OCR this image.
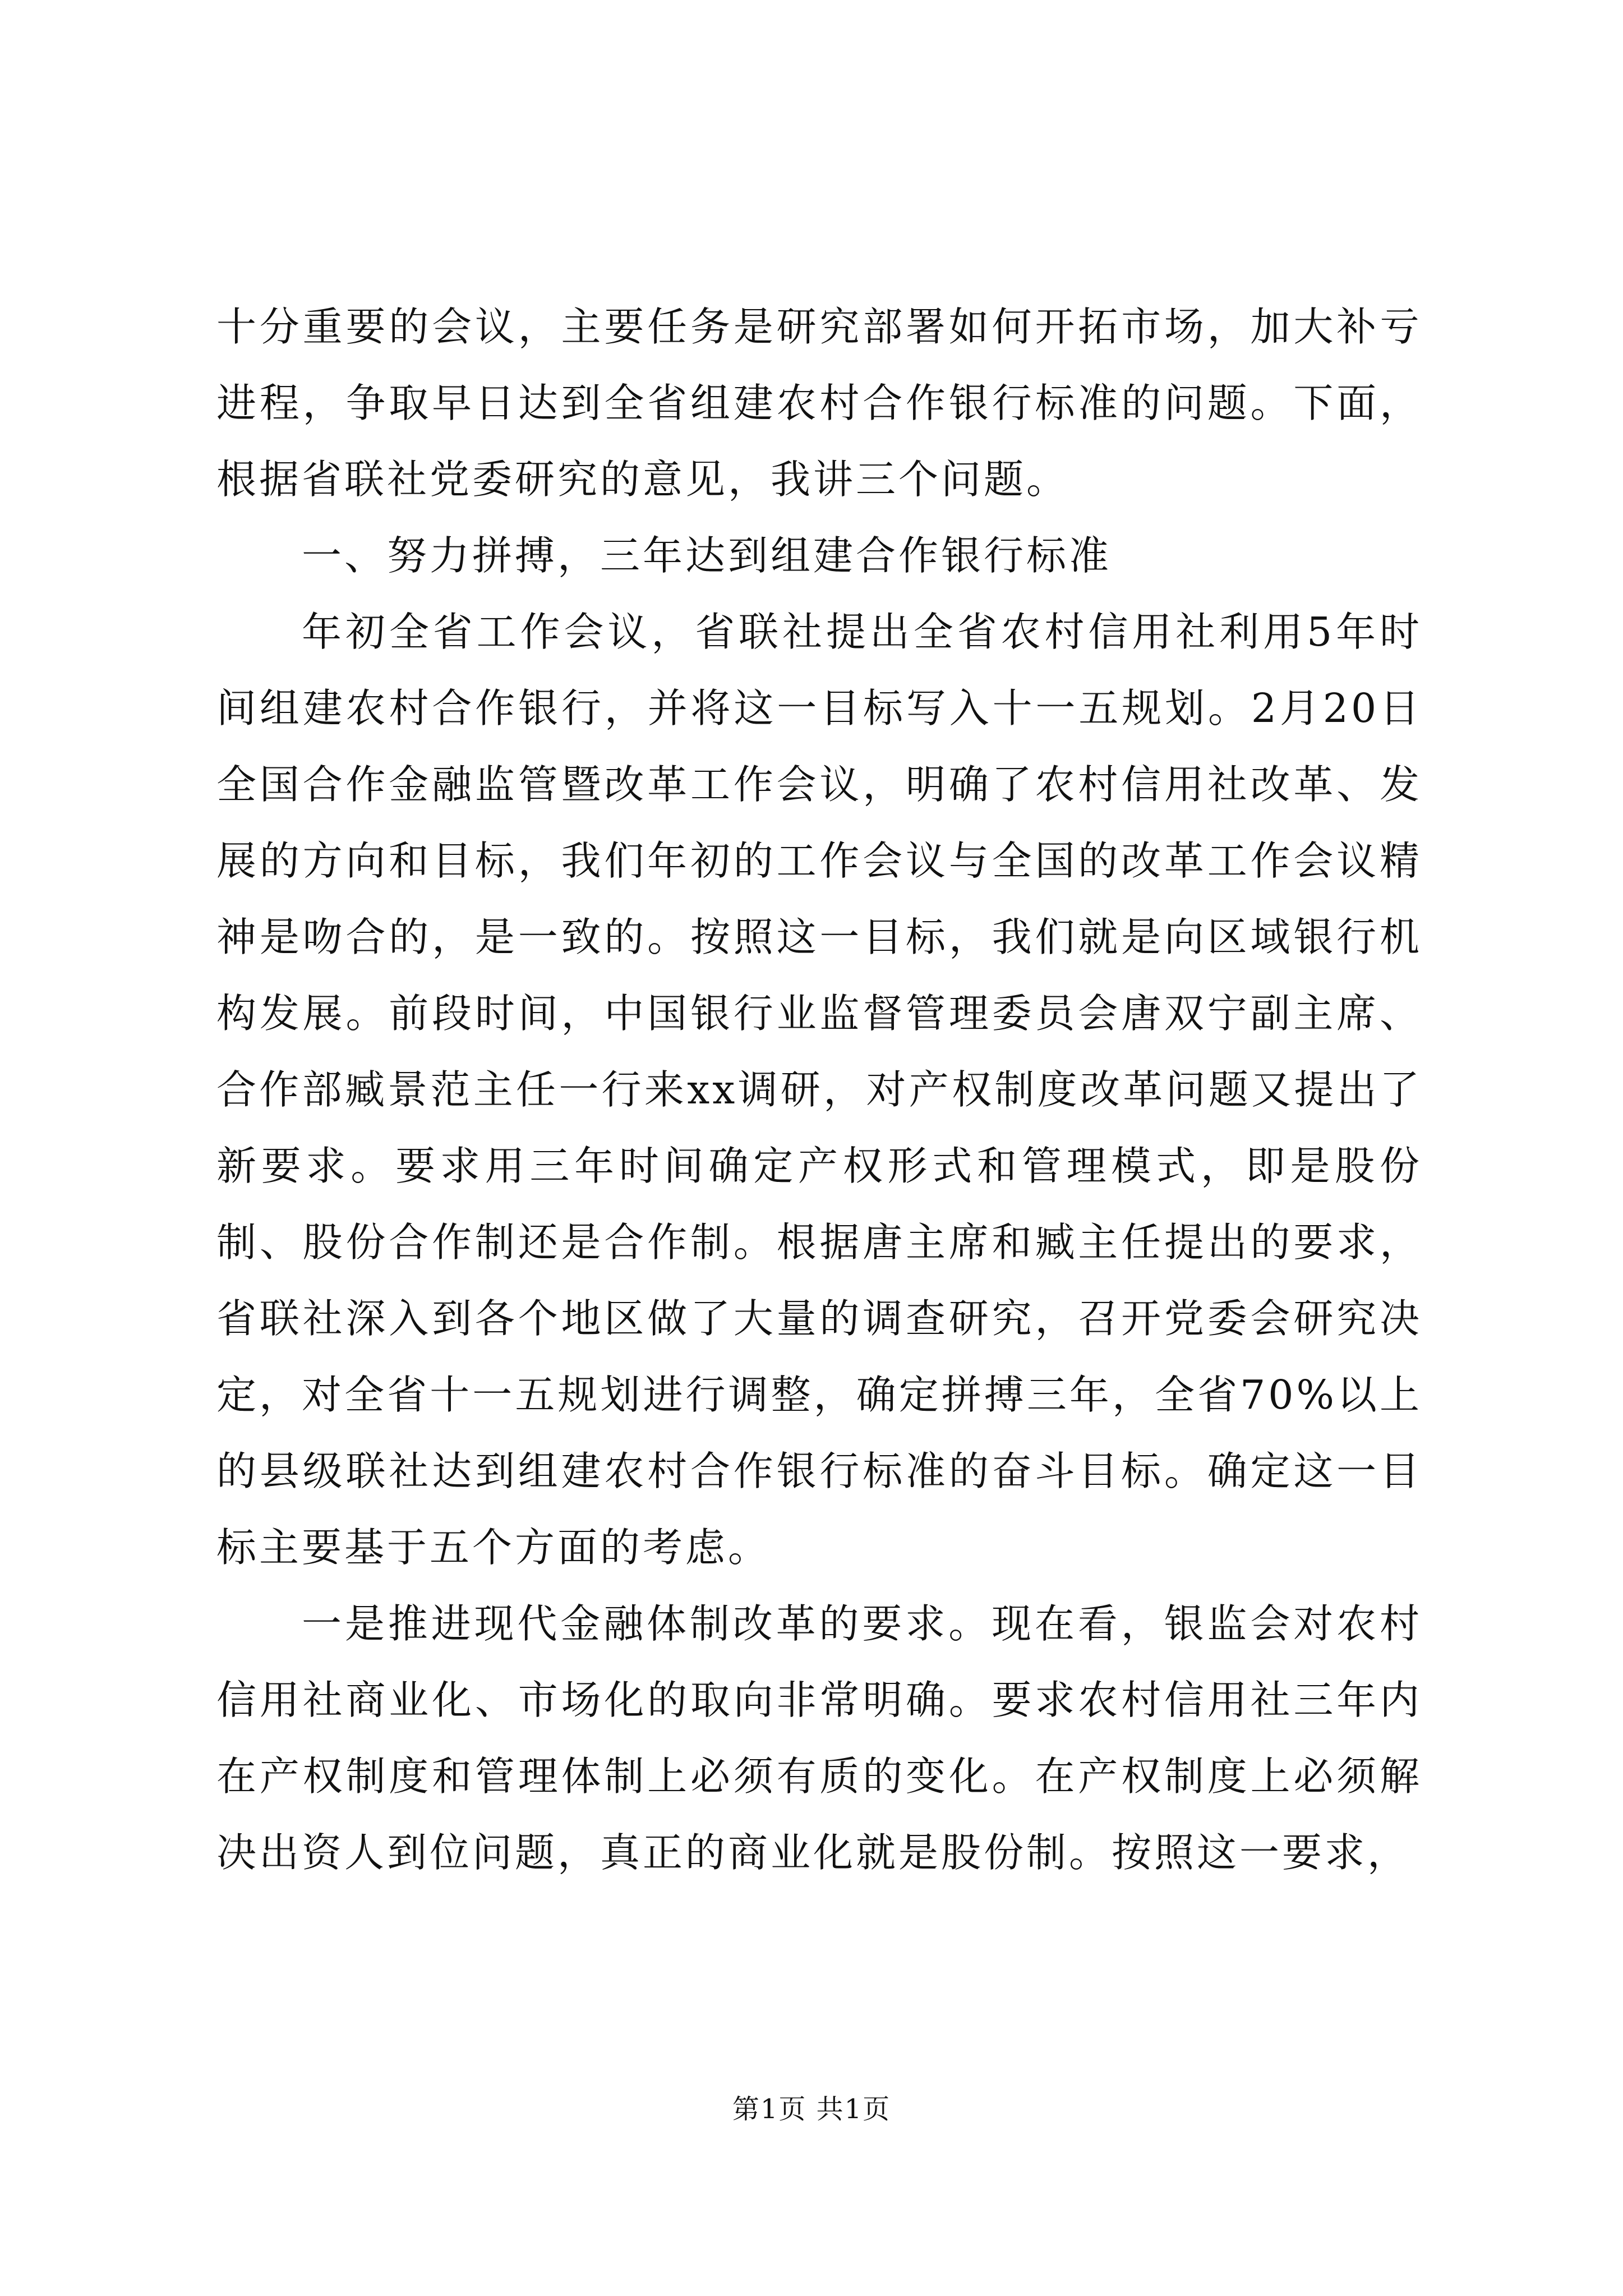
十分重要的会议，主要任务是研究部署如何开拓市场，加大补亏进程，争取早日达到全省组建农村合作银行标准的问题。下面，根据省联社党委研究的意见，我讲三个问题。

一、努力拼搏，三年达到组建合作银行标准

年初全省工作会议，省联社提出全省农村信用社利用5年时间组建农村合作银行，并将这一目标写入十一五规划。2月20日全国合作金融监管暨改革工作会议，明确了农村信用社改革、发展的方向和目标，我们年初的工作会议与全国的改革工作会议精神是吻合的，是一致的。按照这一目标，我们就是向区域银行机构发展。前段时间，中国银行业监督管理委员会唐双宁副主席、合作部臧景范主任一行来xx调研，对产权制度改革问题又提出了新要求。要求用三年时间确定产权形式和管理模式，即是股份制、股份合作制还是合作制。根据唐主席和臧主任提出的要求，省联社深入到各个地区做了大量的调查研究，召开党委会研究决定，对全省十一五规划进行调整，确定拼搏三年，全省70%以上的县级联社达到组建农村合作银行标准的奋斗目标。确定这一目标主要基于五个方面的考虑。

一是推进现代金融体制改革的要求。现在看，银监会对农村信用社商业化、市场化的取向非常明确。要求农村信用社三年内在产权制度和管理体制上必须有质的变化。在产权制度上必须解决出资人到位问题，真正的商业化就是股份制。按照这一要求，

第1页 共1页
